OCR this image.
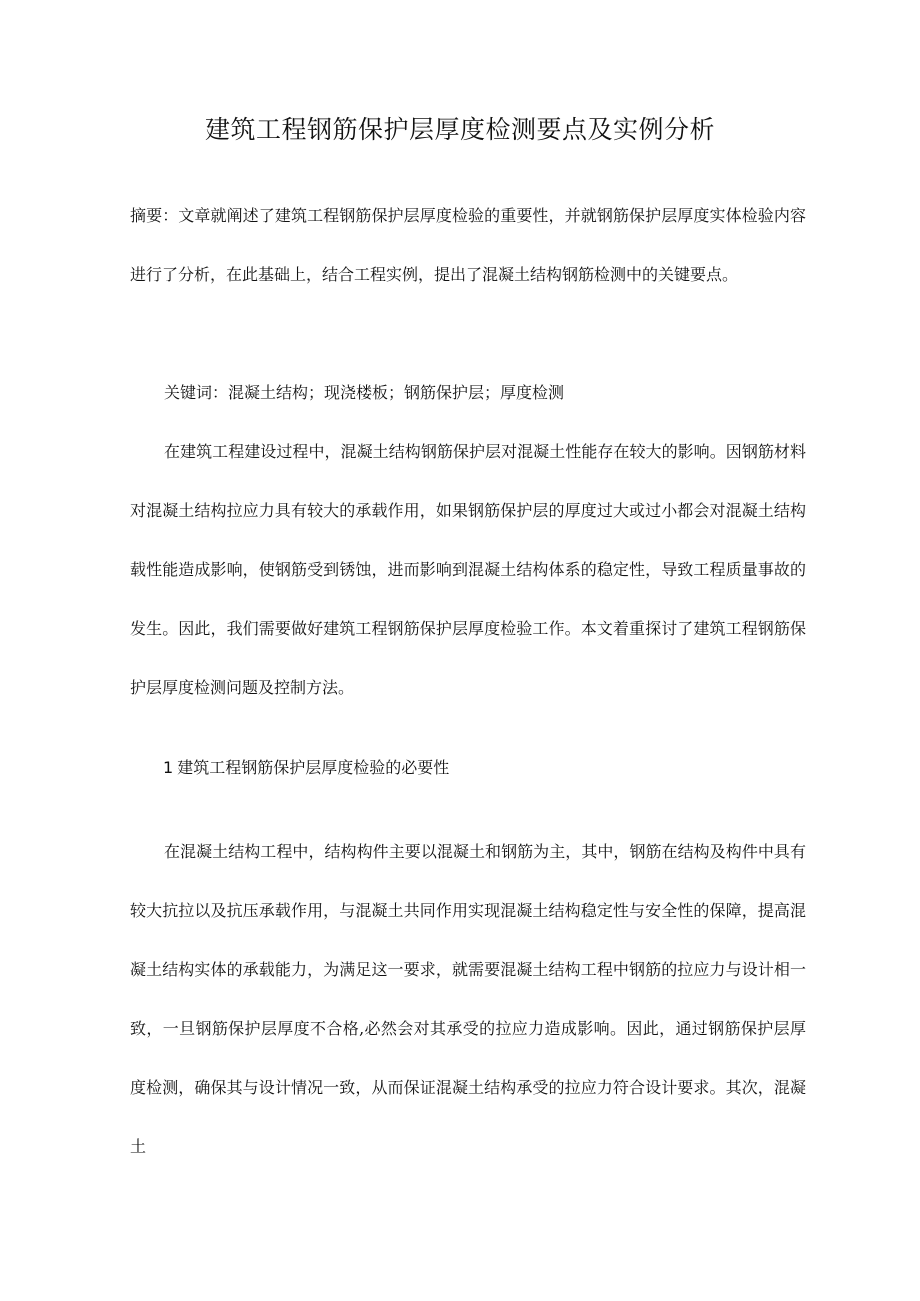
建筑工程钢筋保护层厚度检测要点及实例分析
摘要：文章就阐述了建筑工程钢筋保护层厚度检验的重要性，并就钢筋保护层厚度实体检验内容进行了分析，在此基础上，结合工程实例，提出了混凝土结构钢筋检测中的关键要点。
关键词：混凝土结构；现浇楼板；钢筋保护层；厚度检测
在建筑工程建设过程中，混凝土结构钢筋保护层对混凝土性能存在较大的影响。因钢筋材料对混凝土结构拉应力具有较大的承载作用，如果钢筋保护层的厚度过大或过小都会对混凝土结构载性能造成影响，使钢筋受到锈蚀，进而影响到混凝土结构体系的稳定性，导致工程质量事故的发生。因此，我们需要做好建筑工程钢筋保护层厚度检验工作。本文着重探讨了建筑工程钢筋保护层厚度检测问题及控制方法。
1 建筑工程钢筋保护层厚度检验的必要性
在混凝土结构工程中，结构构件主要以混凝土和钢筋为主，其中，钢筋在结构及构件中具有较大抗拉以及抗压承载作用，与混凝土共同作用实现混凝土结构稳定性与安全性的保障，提高混凝土结构实体的承载能力，为满足这一要求，就需要混凝土结构工程中钢筋的拉应力与设计相一致，一旦钢筋保护层厚度不合格,必然会对其承受的拉应力造成影响。因此，通过钢筋保护层厚度检测，确保其与设计情况一致，从而保证混凝土结构承受的拉应力符合设计要求。其次，混凝土
